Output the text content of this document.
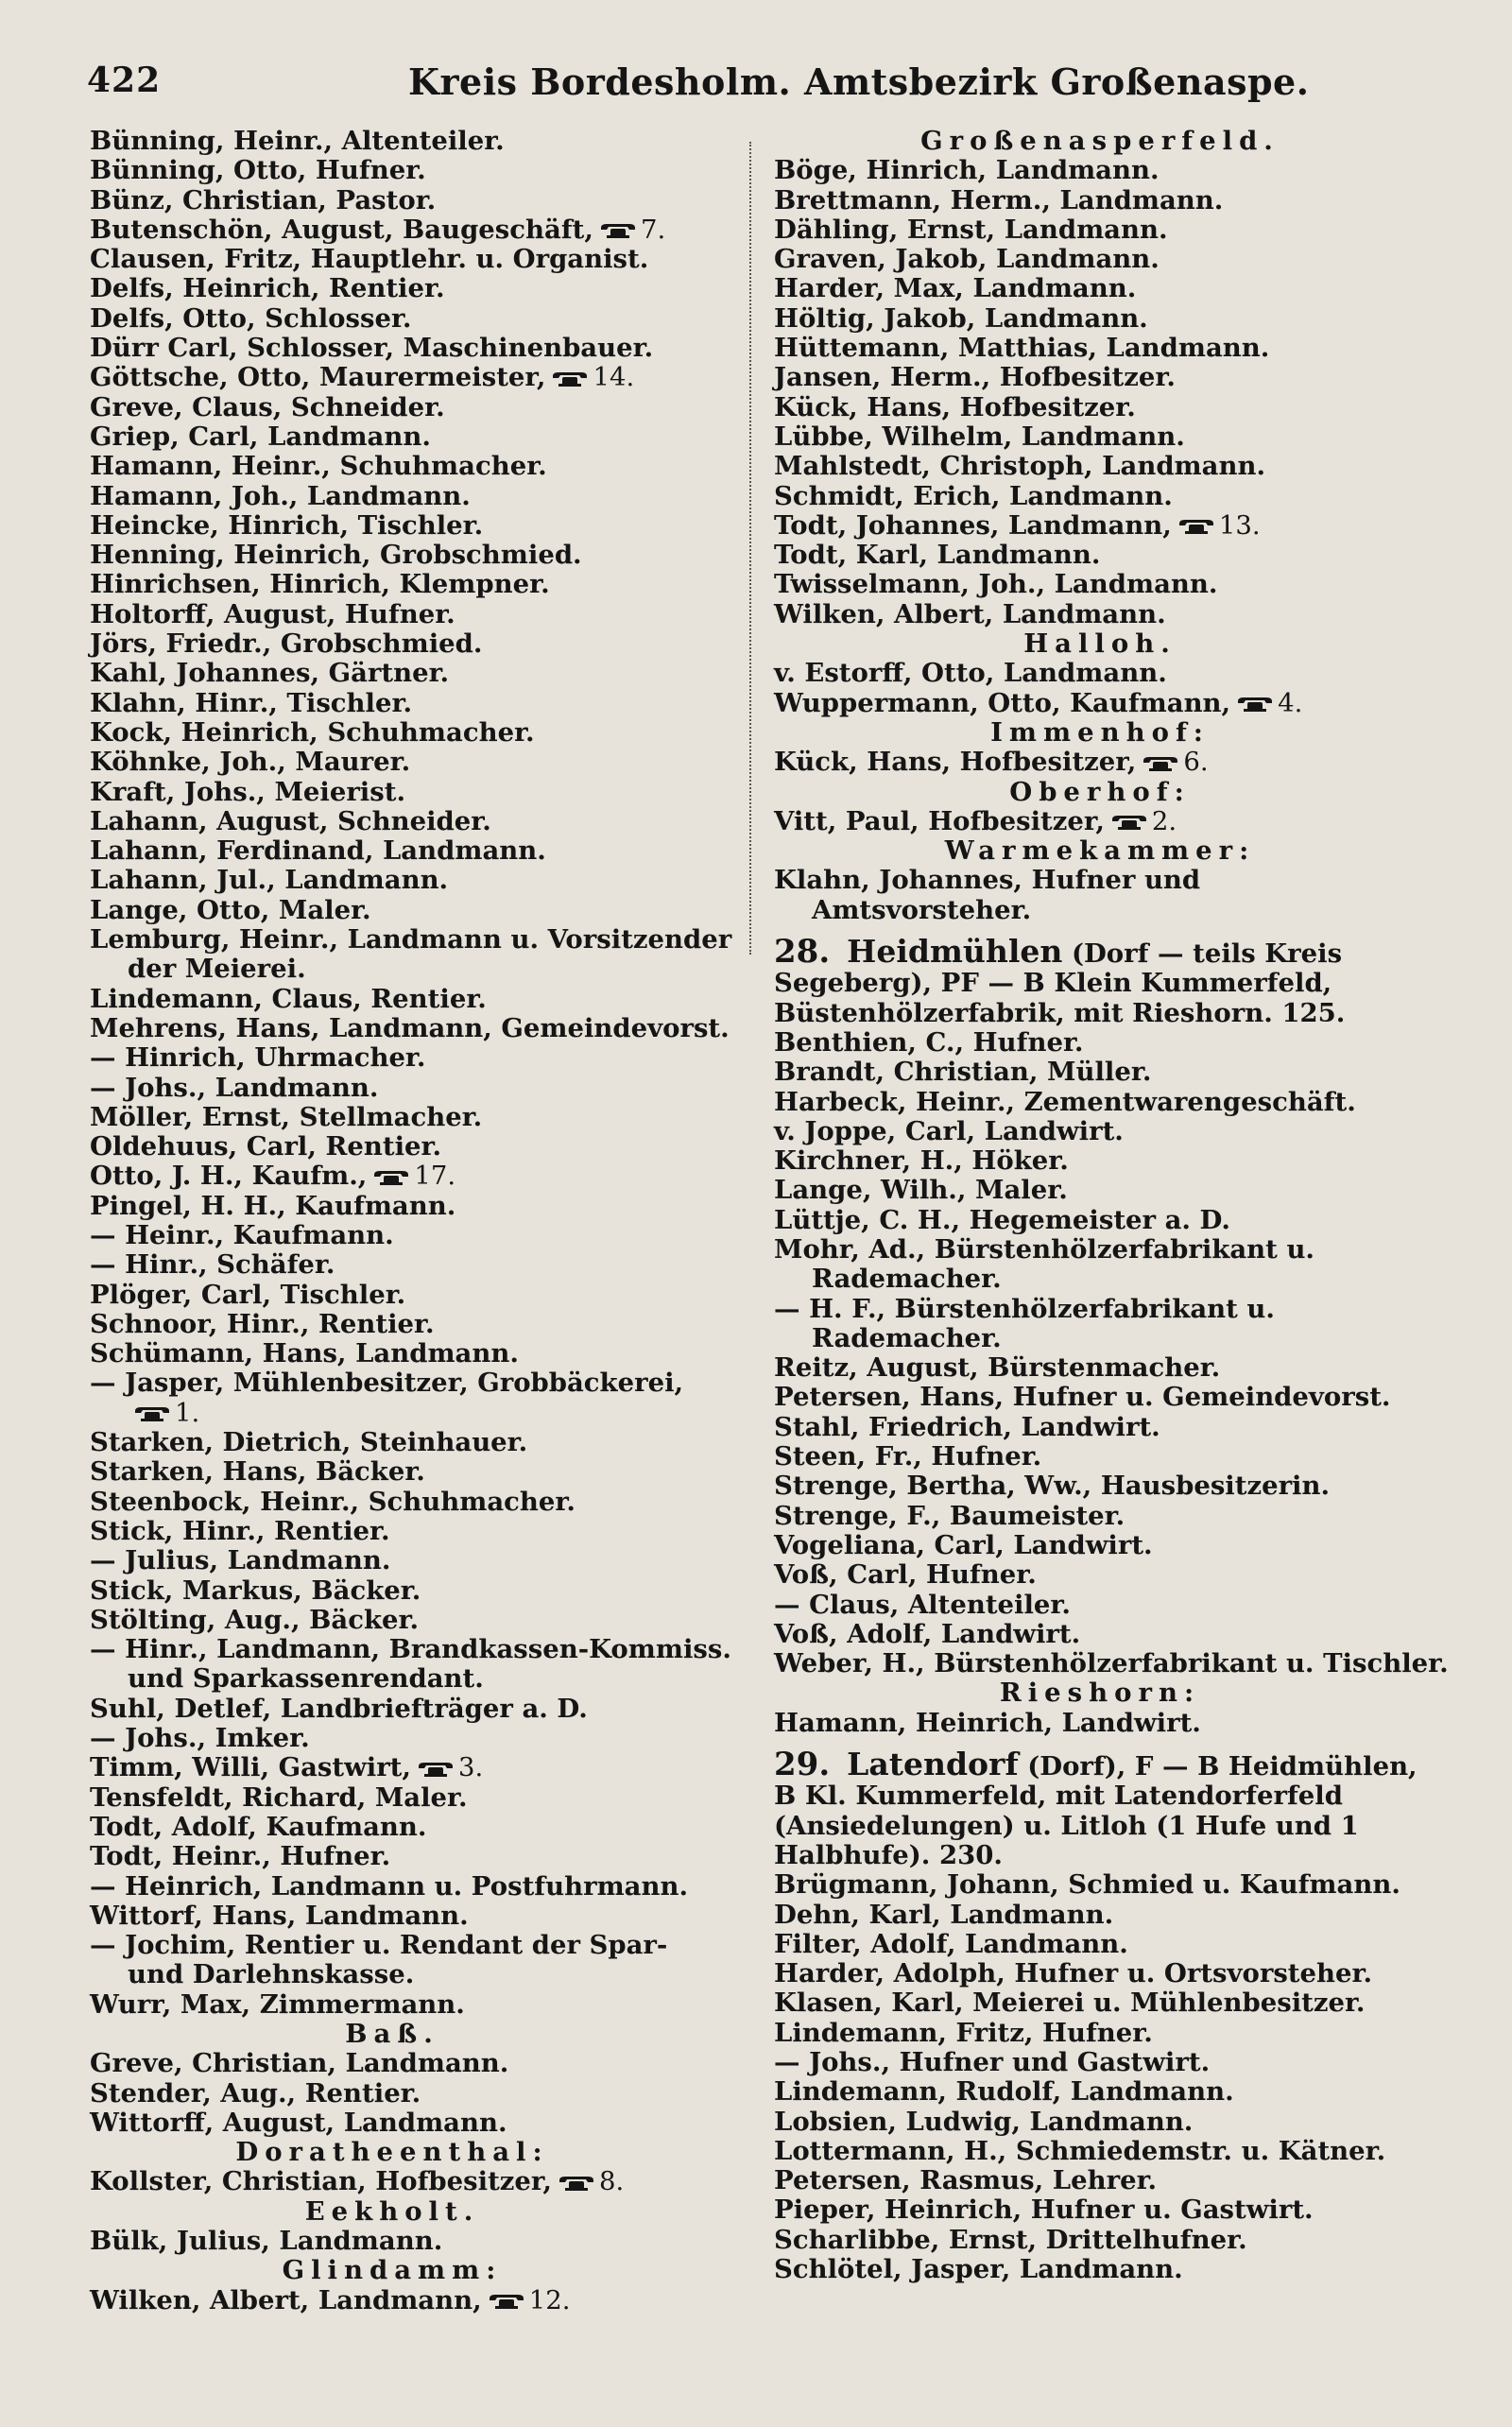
422	Kreis Bordesholm. Amtsbezirk Großenaspe.
Bünning, Heinr., Altenteiler.
Bünning, Otto, Hufner.
Bünz, Christian, Pastor.
Butenschön, August, Baugeschäft, 7.
Clausen, Fritz, Hauptlehr. u. Organist.
Delfs, Heinrich, Rentier.
Delfs, Otto, Schlosser.
Dürr Carl, Schlosser, Maschinenbauer.
Göttsche, Otto, Maurermeister, 14.
Greve, Claus, Schneider.
Griep, Carl, Landmann.
Hamann, Heinr., Schuhmacher.
Hamann, Joh., Landmann.
Heincke, Hinrich, Tischler.
Henning, Heinrich, Grobschmied.
Hinrichsen, Hinrich, Klempner.
Holtorff, August, Hufner.
Jörs, Friedr., Grobschmied.
Kahl, Johannes, Gärtner.
Klahn, Hinr., Tischler.
Kock, Heinrich, Schuhmacher.
Köhnke, Joh., Maurer.
Kraft, Johs., Meierist.
Lahann, August, Schneider.
Lahann, Ferdinand, Landmann.
Lahann, Jul., Landmann.
Lange, Otto, Maler.
Lemburg, Heinr., Landmann u. Vorsitzender der Meierei.
Lindemann, Claus, Rentier.
Mehrens, Hans, Landmann, Gemeindevorst.
— Hinrich, Uhrmacher.
— Johs., Landmann.
Möller, Ernst, Stellmacher.
Oldehuus, Carl, Rentier.
Otto, J. H., Kaufm., 17.
Pingel, H. H., Kaufmann.
— Heinr., Kaufmann.
— Hinr., Schäfer.
Plöger, Carl, Tischler.
Schnoor, Hinr., Rentier.
Schümann, Hans, Landmann.
— Jasper, Mühlenbesitzer, Grobbäckerei,
1.
Starken, Dietrich, Steinhauer.
Starken, Hans, Bäcker.
Steenbock, Heinr., Schuhmacher.
Stick, Hinr., Rentier.
— Julius, Landmann.
Stick, Markus, Bäcker.
Stölting, Aug., Bäcker.
— Hinr., Landmann, Brandkassen-Kommiss. und Sparkassenrendant.
Suhl, Detlef, Landbriefträger a. D.
— Johs., Imker.
Timm, Willi, Gastwirt, 3.
Tensfeldt, Richard, Maler.
Todt, Adolf, Kaufmann.
Todt, Heinr., Hufner.
— Heinrich, Landmann u. Postfuhrmann.
Wittorf, Hans, Landmann.
— Jochim, Rentier u. Rendant der Spar- und Darlehnskasse.
Wurr, Max, Zimmermann.
Baß.
Greve, Christian, Landmann.
Stender, Aug., Rentier.
Wittorff, August, Landmann.
Doratheenthal:
Kollster, Christian, Hofbesitzer, 8.
Eekholt.
Bülk, Julius, Landmann.
Glindamm:
Wilken, Albert, Landmann, 12.
Großenasperfeld.
Böge, Hinrich, Landmann.
Brettmann, Herm., Landmann.
Dähling, Ernst, Landmann.
Graven, Jakob, Landmann.
Harder, Max, Landmann.
Höltig, Jakob, Landmann.
Hüttemann, Matthias, Landmann.
Jansen, Herm., Hofbesitzer.
Kück, Hans, Hofbesitzer.
Lübbe, Wilhelm, Landmann.
Mahlstedt, Christoph, Landmann.
Schmidt, Erich, Landmann.
Todt, Johannes, Landmann, 13.
Todt, Karl, Landmann.
Twisselmann, Joh., Landmann.
Wilken, Albert, Landmann.
Halloh.
v. Estorff, Otto, Landmann.
Wuppermann, Otto, Kaufmann, 4.
Immenhof:
Kück, Hans, Hofbesitzer, 6.
Oberhof:
Vitt, Paul, Hofbesitzer, 2.
Warmekammer:
Klahn, Johannes, Hufner und Amtsvorsteher.
28. Heidmühlen (Dorf — teils Kreis Segeberg), PF — B Klein Kummerfeld, Büstenhölzerfabrik, mit Rieshorn. 125.
Benthien, C., Hufner.
Brandt, Christian, Müller.
Harbeck, Heinr., Zementwarengeschäft.
v. Joppe, Carl, Landwirt.
Kirchner, H., Höker.
Lange, Wilh., Maler.
Lüttje, C. H., Hegemeister a. D.
Mohr, Ad., Bürstenhölzerfabrikant u. Rademacher.
— H. F., Bürstenhölzerfabrikant u. Rademacher.
Reitz, August, Bürstenmacher.
Petersen, Hans, Hufner u. Gemeindevorst.
Stahl, Friedrich, Landwirt.
Steen, Fr., Hufner.
Strenge, Bertha, Ww., Hausbesitzerin.
Strenge, F., Baumeister.
Vogeliana, Carl, Landwirt.
Voß, Carl, Hufner.
— Claus, Altenteiler.
Voß, Adolf, Landwirt.
Weber, H., Bürstenhölzerfabrikant u. Tischler.
Rieshorn:
Hamann, Heinrich, Landwirt.
29. Latendorf (Dorf), F — B Heidmühlen, B Kl. Kummerfeld, mit Latendorferfeld (Ansiedelungen) u. Litloh (1 Hufe und 1 Halbhufe). 230.
Brügmann, Johann, Schmied u. Kaufmann.
Dehn, Karl, Landmann.
Filter, Adolf, Landmann.
Harder, Adolph, Hufner u. Ortsvorsteher.
Klasen, Karl, Meierei u. Mühlenbesitzer.
Lindemann, Fritz, Hufner.
— Johs., Hufner und Gastwirt.
Lindemann, Rudolf, Landmann.
Lobsien, Ludwig, Landmann.
Lottermann, H., Schmiedemstr. u. Kätner.
Petersen, Rasmus, Lehrer.
Pieper, Heinrich, Hufner u. Gastwirt.
Scharlibbe, Ernst, Drittelhufner.
Schlötel, Jasper, Landmann.
